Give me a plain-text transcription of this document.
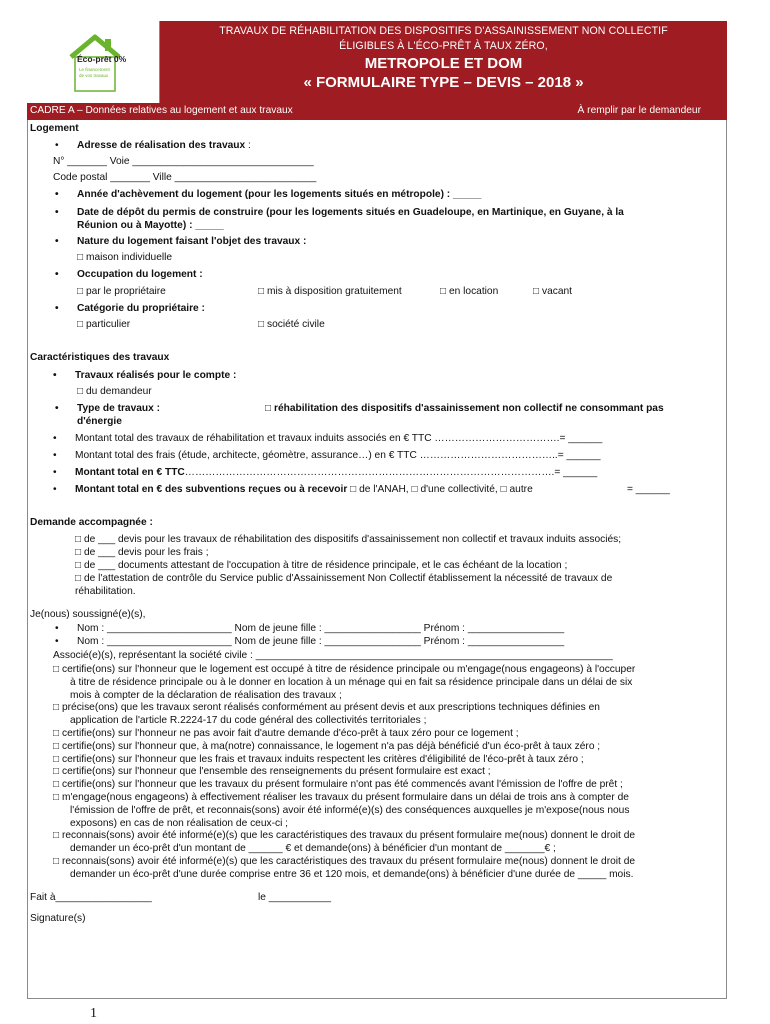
Éco-prêt 0%
Le financement de vos travaux
TRAVAUX DE RÉHABILITATION DES DISPOSITIFS D'ASSAINISSEMENT NON COLLECTIF
ÉLIGIBLES À L'ÉCO-PRÊT À TAUX ZÉRO,
METROPOLE ET DOM
« FORMULAIRE TYPE – DEVIS – 2018 »
CADRE A – Données relatives au logement et aux travaux	À remplir par le demandeur
Logement
• Adresse de réalisation des travaux :
N° _______ Voie ________________________________
Code postal _______ Ville _________________________
• Année d'achèvement du logement (pour les logements situés en métropole) : _____
• Date de dépôt du permis de construire (pour les logements situés en Guadeloupe, en Martinique, en Guyane, à la
Réunion ou à Mayotte) : _____
• Nature du logement faisant l'objet des travaux :
□ maison individuelle
• Occupation du logement :
□ par le propriétaire	□ mis à disposition gratuitement	□ en location	□ vacant
• Catégorie du propriétaire :
□ particulier	□ société civile
Caractéristiques des travaux
• Travaux réalisés pour le compte :
□ du demandeur
• Type de travaux :	□ réhabilitation des dispositifs d'assainissement non collectif ne consommant pas
d'énergie
• Montant total des travaux de réhabilitation et travaux induits associés en € TTC ……………………………….= ______
• Montant total des frais (étude, architecte, géomètre, assurance…) en € TTC …………………………………..= ______
• Montant total en € TTC……………………………………………………………………………………………….= ______
• Montant total en € des subventions reçues ou à recevoir □ de l'ANAH, □ d'une collectivité, □ autre	= ______
Demande accompagnée :
□ de ___ devis pour les travaux de réhabilitation des dispositifs d'assainissement non collectif et travaux induits associés;
□ de ___ devis pour les frais ;
□ de ___ documents attestant de l'occupation à titre de résidence principale, et le cas échéant de la location ;
□ de l'attestation de contrôle du Service public d'Assainissement Non Collectif établissement la nécessité de travaux de
réhabilitation.
Je(nous) soussigné(e)(s),
• Nom : ______________________ Nom de jeune fille : _________________ Prénom : _________________
• Nom : ______________________ Nom de jeune fille : _________________ Prénom : _________________
Associé(e)(s), représentant la société civile : _______________________________________________________________
□ certifie(ons) sur l'honneur que le logement est occupé à titre de résidence principale ou m'engage(nous engageons) à l'occuper
à titre de résidence principale ou à le donner en location à un ménage qui en fait sa résidence principale dans un délai de six
mois à compter de la déclaration de réalisation des travaux ;
□ précise(ons) que les travaux seront réalisés conformément au présent devis et aux prescriptions techniques définies en
application de l'article R.2224-17 du code général des collectivités territoriales ;
□ certifie(ons) sur l'honneur ne pas avoir fait d'autre demande d'éco-prêt à taux zéro pour ce logement ;
□ certifie(ons) sur l'honneur que, à ma(notre) connaissance, le logement n'a pas déjà bénéficié d'un éco-prêt à taux zéro ;
□ certifie(ons) sur l'honneur que les frais et travaux induits respectent les critères d'éligibilité de l'éco-prêt à taux zéro ;
□ certifie(ons) sur l'honneur que l'ensemble des renseignements du présent formulaire est exact ;
□ certifie(ons) sur l'honneur que les travaux du présent formulaire n'ont pas été commencés avant l'émission de l'offre de prêt ;
□ m'engage(nous engageons) à effectivement réaliser les travaux du présent formulaire dans un délai de trois ans à compter de
l'émission de l'offre de prêt, et reconnais(sons) avoir été informé(e)(s) des conséquences auxquelles je m'expose(nous nous
exposons) en cas de non réalisation de ceux-ci ;
□ reconnais(sons) avoir été informé(e)(s) que les caractéristiques des travaux du présent formulaire me(nous) donnent le droit de
demander un éco-prêt d'un montant de ______ € et demande(ons) à bénéficier d'un montant de _______€ ;
□ reconnais(sons) avoir été informé(e)(s) que les caractéristiques des travaux du présent formulaire me(nous) donnent le droit de
demander un éco-prêt d'une durée comprise entre 36 et 120 mois, et demande(ons) à bénéficier d'une durée de _____ mois.
Fait à_________________	le ___________
Signature(s)
1
